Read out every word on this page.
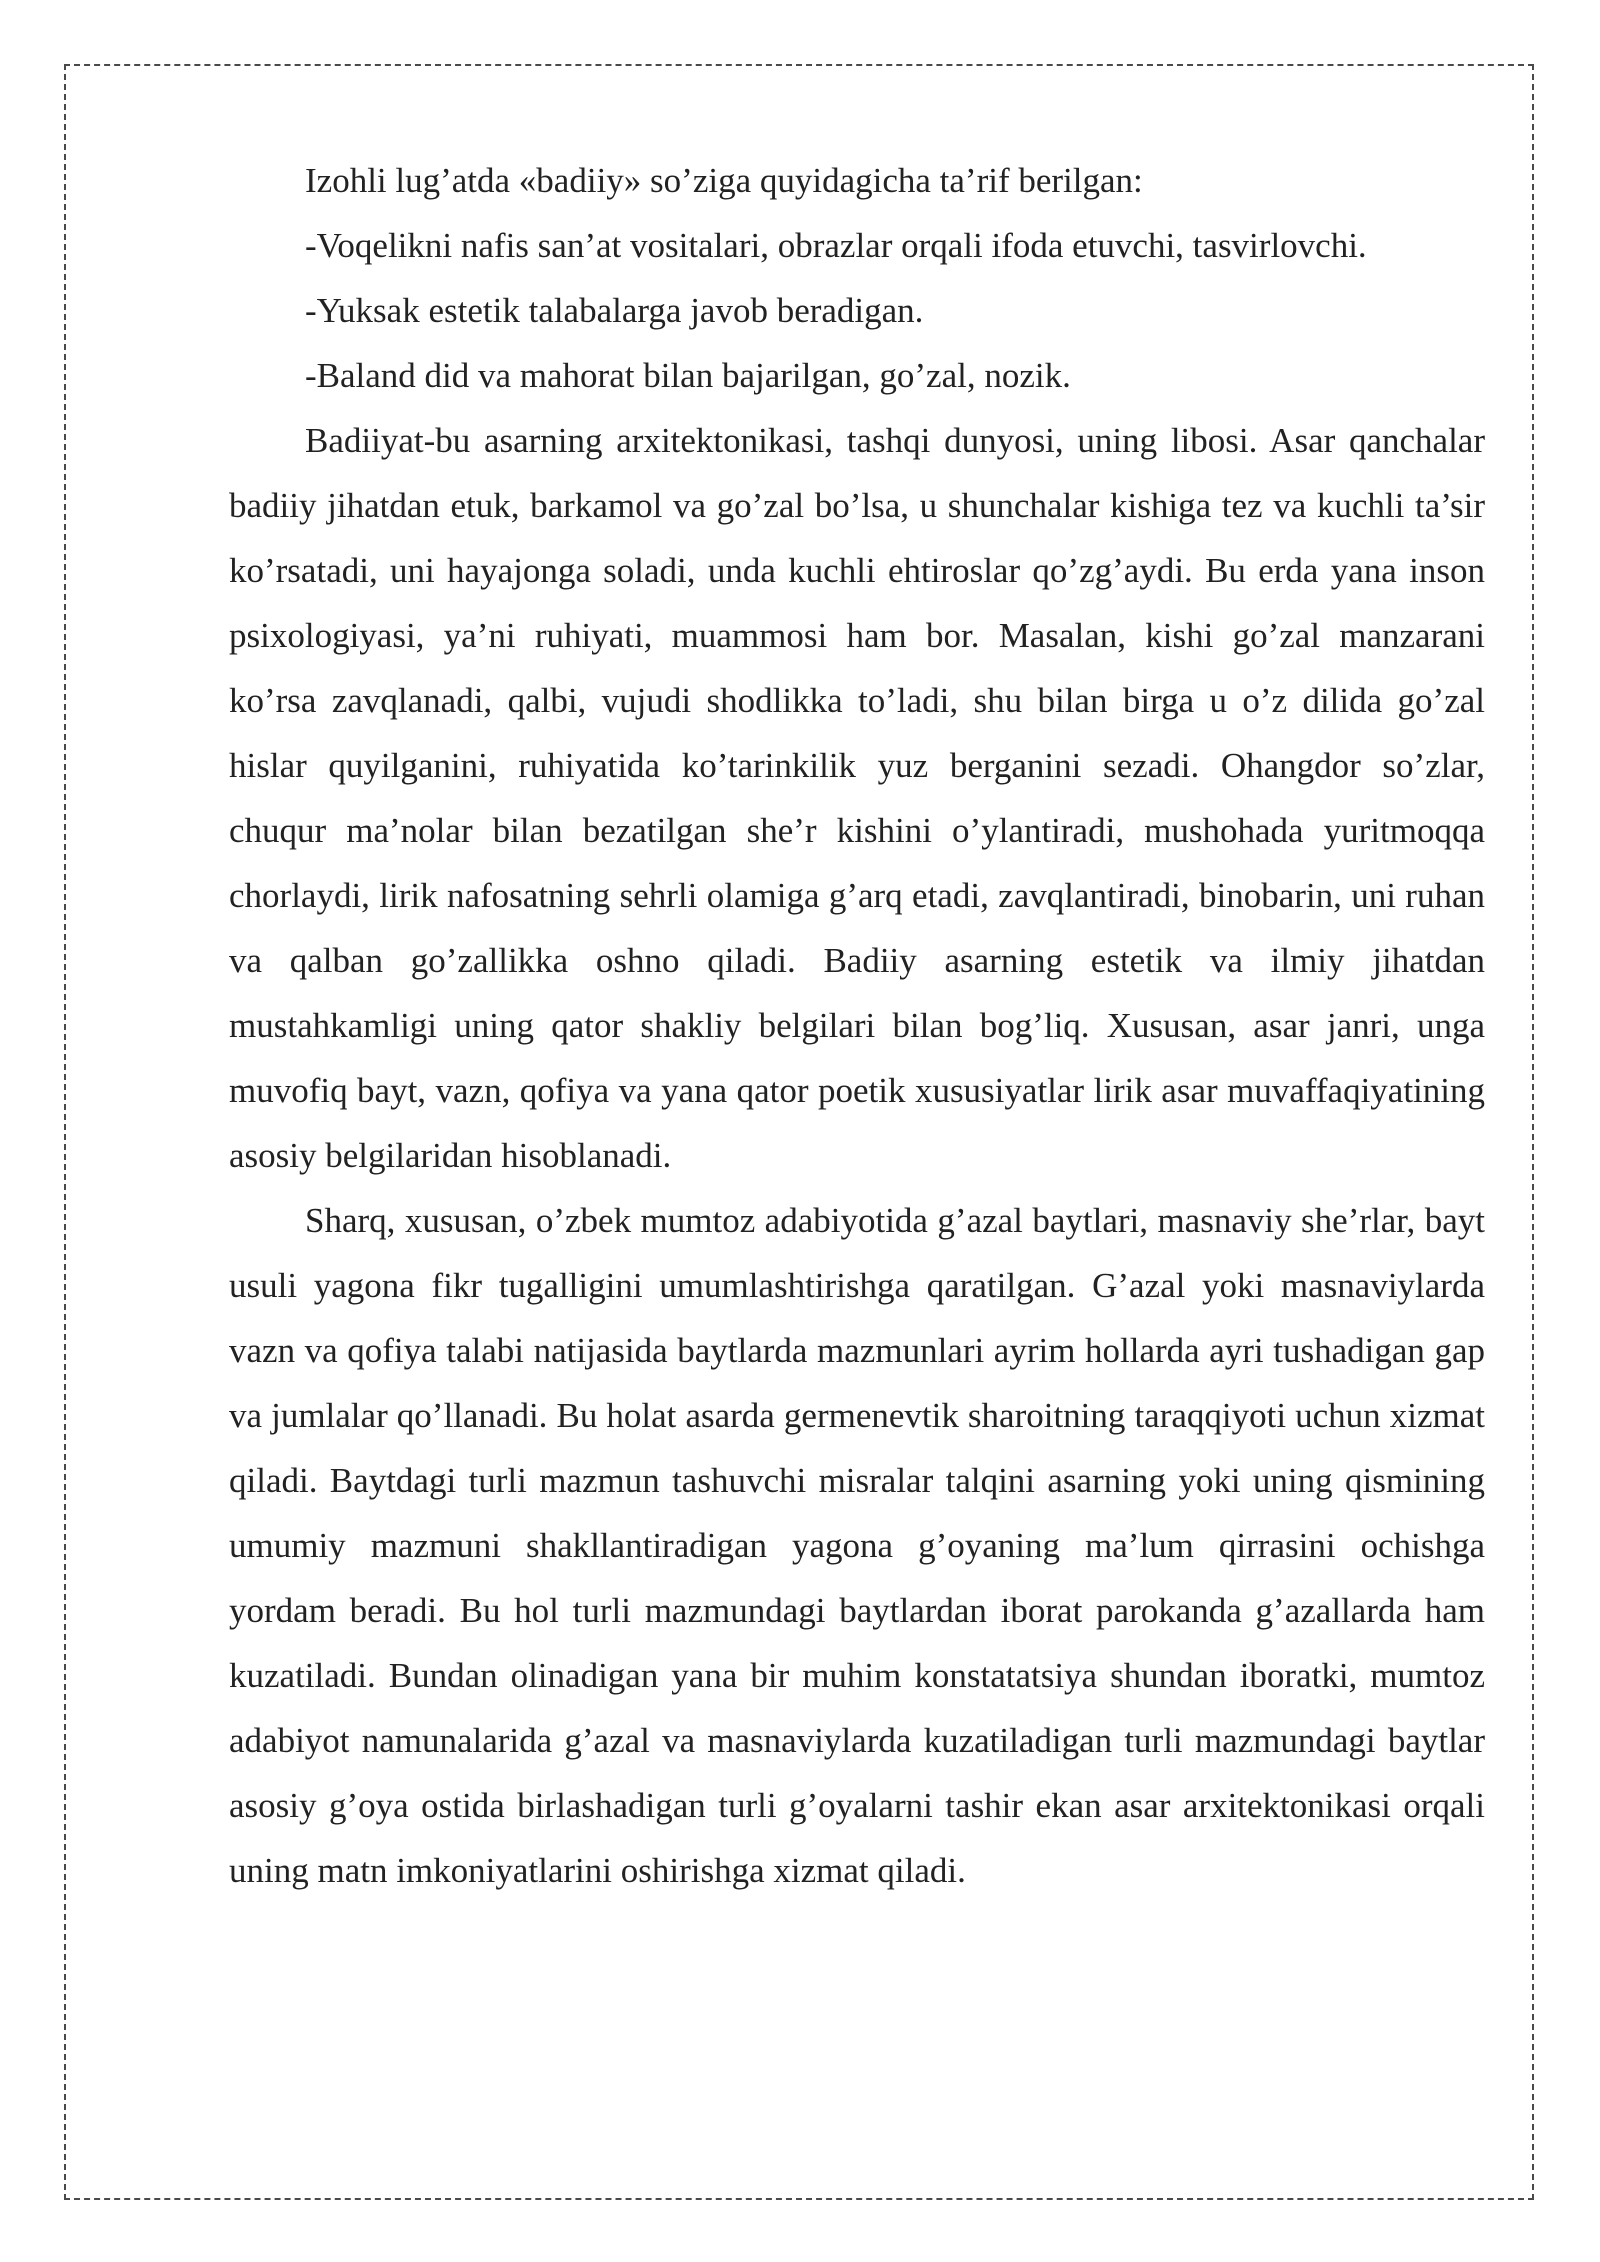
Izohli lug’atda «badiiy» so’ziga quyidagicha ta’rif berilgan:

-Voqelikni nafis san’at vositalari, obrazlar orqali ifoda etuvchi, tasvirlovchi.

-Yuksak estetik talabalarga javob beradigan.

-Baland did va mahorat bilan bajarilgan, go’zal, nozik.

Badiiyat-bu asarning arxitektonikasi, tashqi dunyosi, uning libosi. Asar qanchalar badiiy jihatdan etuk, barkamol va go’zal bo’lsa, u shunchalar kishiga tez va kuchli ta’sir ko’rsatadi, uni hayajonga soladi, unda kuchli ehtiroslar qo’zg’aydi. Bu erda yana inson psixologiyasi, ya’ni ruhiyati, muammosi ham bor. Masalan, kishi go’zal manzarani ko’rsa zavqlanadi, qalbi, vujudi shodlikka to’ladi, shu bilan birga u o’z dilida go’zal hislar quyilganini, ruhiyatida ko’tarinkilik yuz berganini sezadi. Ohangdor so’zlar, chuqur ma’nolar bilan bezatilgan she’r kishini o’ylantiradi, mushohada yuritmoqqa chorlaydi, lirik nafosatning sehrli olamiga g’arq etadi, zavqlantiradi, binobarin, uni ruhan va qalban go’zallikka oshno qiladi. Badiiy asarning estetik va ilmiy jihatdan mustahkamligi uning qator shakliy belgilari bilan bog’liq. Xususan, asar janri, unga muvofiq bayt, vazn, qofiya va yana qator poetik xususiyatlar lirik asar muvaffaqiyatining asosiy belgilaridan hisoblanadi.

Sharq, xususan, o’zbek mumtoz adabiyotida g’azal baytlari, masnaviy she’rlar, bayt usuli yagona fikr tugalligini umumlashtirishga qaratilgan. G’azal yoki masnaviylarda vazn va qofiya talabi natijasida baytlarda mazmunlari ayrim hollarda ayri tushadigan gap va jumlalar qo’llanadi. Bu holat asarda germenevtik sharoitning taraqqiyoti uchun xizmat qiladi. Baytdagi turli mazmun tashuvchi misralar talqini asarning yoki uning qismining umumiy mazmuni shakllantiradigan yagona g’oyaning ma’lum qirrasini ochishga yordam beradi. Bu hol turli mazmundagi baytlardan iborat parokanda g’azallarda ham kuzatiladi. Bundan olinadigan yana bir muhim konstatatsiya shundan iboratki, mumtoz adabiyot namunalarida g’azal va masnaviylarda kuzatiladigan turli mazmundagi baytlar asosiy g’oya ostida birlashadigan turli g’oyalarni tashir ekan asar arxitektonikasi orqali uning matn imkoniyatlarini oshirishga xizmat qiladi.
